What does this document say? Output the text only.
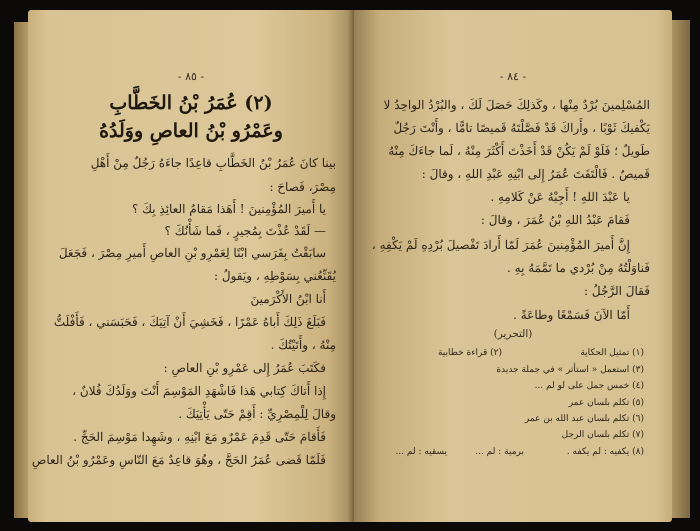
- ٨٥ -
(٢) عُمَرُ بْنُ الخَطَّابِ
وعَمْرُو بْنُ العاصِ ووَلَدُهُ
بينا كانَ عُمَرُ بْنُ الخَطَّابِ قاعِدًا جاءَهُ رَجُلٌ مِنْ أَهْلِ
مِصْرَ، فَصاحَ :
يا أَميرَ المُؤْمِنينَ ! أَهَذا مَقامُ العائِذِ بِكَ ؟
— لَقَدْ عُذْتَ بِمُجيرٍ ، فَما شَأْنُكَ ؟
سابَقْتُ بِفَرَسي ابْنًا لِعَمْرِو بْنِ العاصِ أَميرِ مِصْرَ ، فَجَعَلَ
يُقَنِّعُني بِسَوْطِهِ ، ويَقولُ :
أَنا ابْنُ الأَكْرَمينَ
فَبَلَغَ ذَلِكَ أَباهُ عَمْرًا ، فَخَشِيَ أَنْ آتِيَكَ ، فَحَبَسَني ، فَأَفْلَتُّ
مِنْهُ ، وأَتَيْتُكَ .
فكَتَبَ عُمَرُ إِلى عَمْرِو بْنِ العاصِ :
إِذا أَتاكَ كِتابي هَذا فَاشْهَدِ المَوْسِمَ أَنْتَ ووَلَدُكَ فُلانٌ ،
وقالَ لِلْمِصْرِيِّ : أَقِمْ حَتّى يَأْتِيَكَ .
فَأَقامَ حَتّى قَدِمَ عَمْرٌو مَعَ ابْنِهِ ، وشَهِدا مَوْسِمَ الحَجِّ .
فَلَمّا قَضى عُمَرُ الحَجَّ ، وهُوَ قاعِدٌ مَعَ النّاسِ وعَمْرُو بْنُ العاصِ
- ٨٤ -
المُسْلِمينَ بُرْدٌ مِنْها ، وكَذلِكَ حَصَلَ لَكَ ، والبُرْدُ الواحِدُ لا
يَكْفيكَ ثَوْبًا ، وأَراكَ قَدْ فَصَّلْتَهُ قَميصًا تامًّا ، وأَنْتَ رَجُلٌ
طَويلٌ ؛ فَلَوْ لَمْ يَكُنْ قَدْ أَخَذْتَ أَكْثَرَ مِنْهُ ، لَما جاءَكَ مِنْهُ
قَميصٌ . فَالْتَفَتَ عُمَرُ إِلى ابْنِهِ عَبْدِ اللهِ ، وقالَ :
يا عَبْدَ اللهِ ! أَجِبْهُ عَنْ كَلامِهِ .
فَقامَ عَبْدُ اللهِ بْنُ عُمَرَ ، وقالَ :
إِنَّ أَميرَ المُؤْمِنينَ عُمَرَ لَمّا أَرادَ تَفْصيلَ بُرْدِهِ لَمْ يَكْفِهِ ،
فَناوَلْتُهُ مِنْ بُرْدي ما تَمَّمَهُ بِهِ .
فَقالَ الرَّجُلُ :
أَمّا الآنَ فَسَمْعًا وطاعَةً .
(التحرير)
(١) تمثيل الحكاية
(٢) قراءة خطابية
(٣) استعمل « استأثر » في جملة جديدة
(٤) خمس جمل على لو لم ...
(٥) تكلم بلسان عمر
(٦) تكلم بلسان عبد الله بن عمر
(٧) تكلم بلسان الرجل
(٨) يكفيه : لم يكفه .
برمية : لم ...
يسقيه : لم ...
